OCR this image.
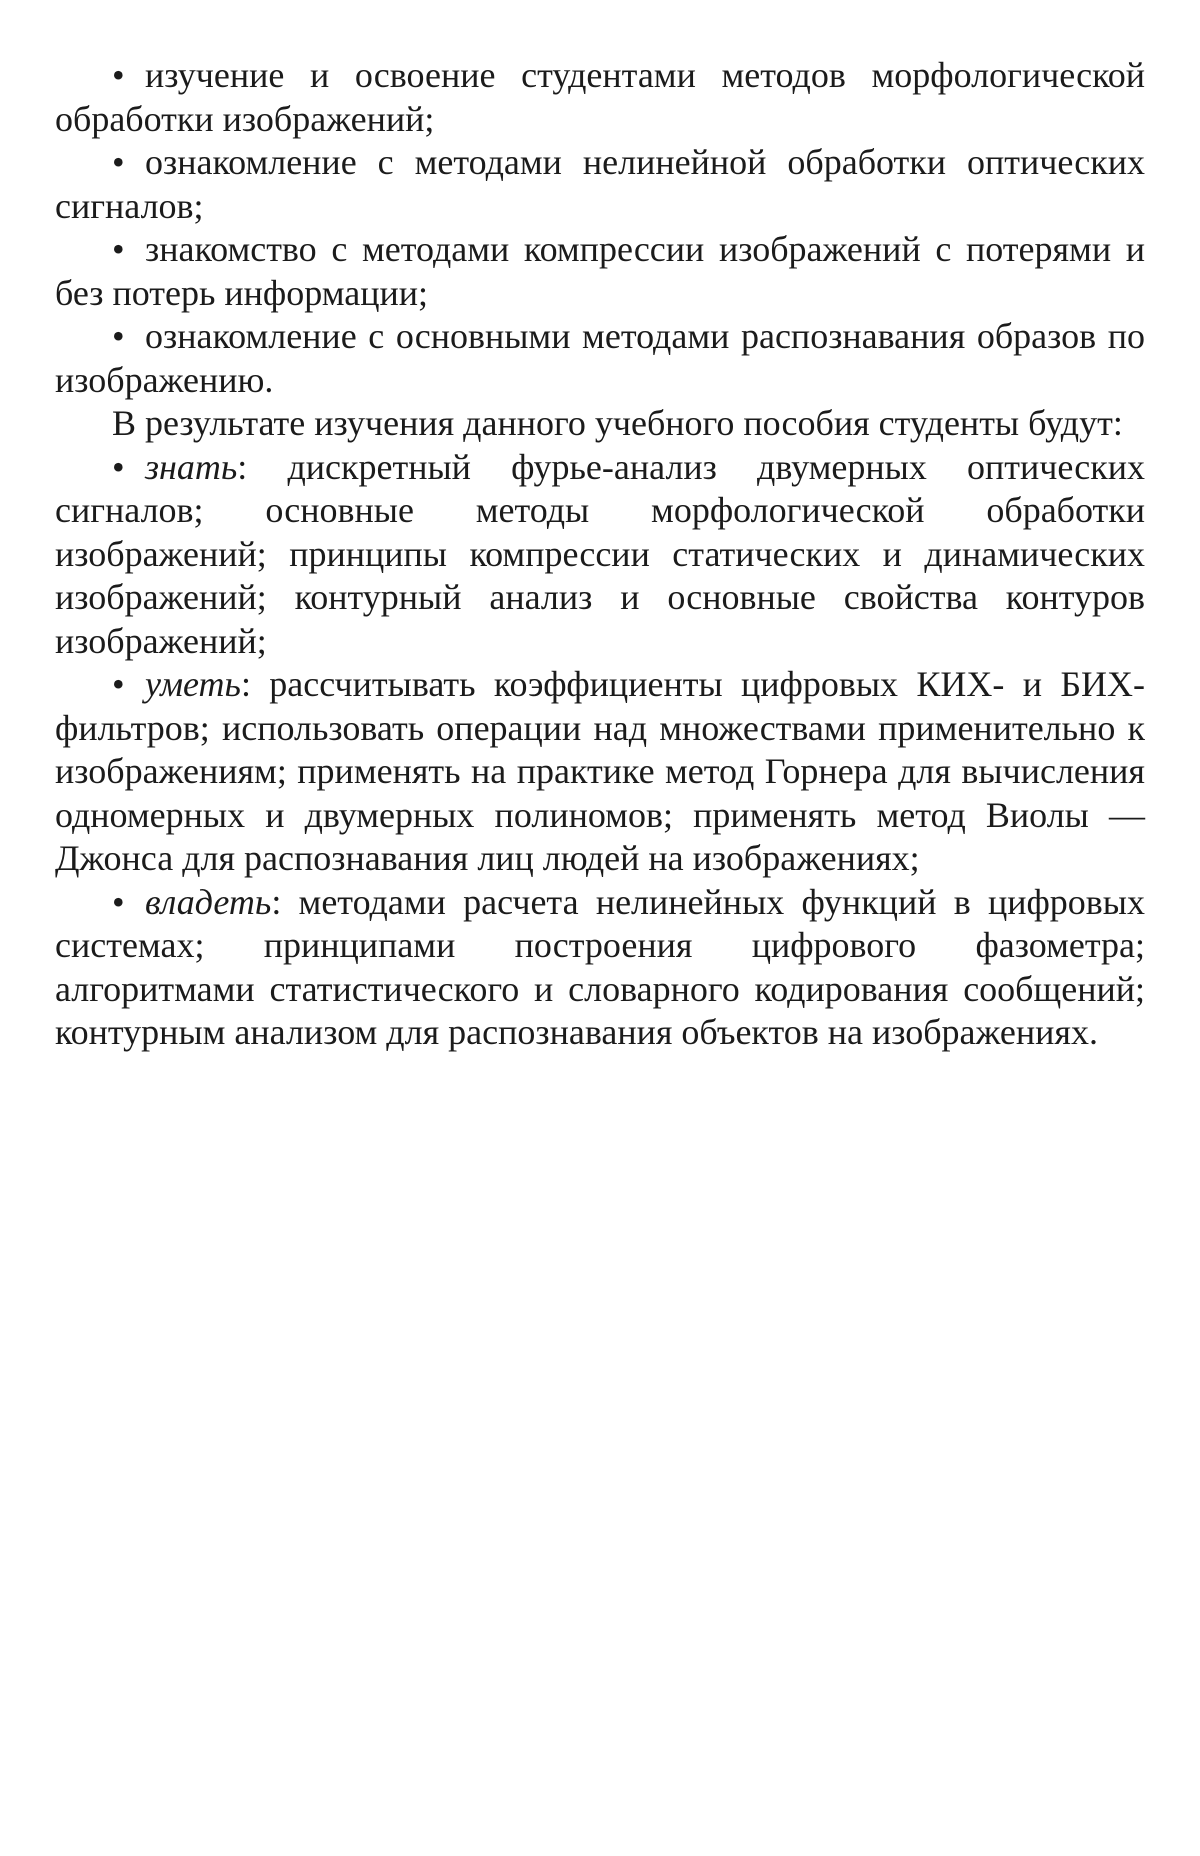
• изучение и освоение студентами методов морфологической обработки изображений;

• ознакомление с методами нелинейной обработки оптических сигналов;

• знакомство с методами компрессии изображений с потерями и без потерь информации;

• ознакомление с основными методами распознавания образов по изображению.

В результате изучения данного учебного пособия студенты будут:

• знать: дискретный фурье-анализ двумерных оптических сигналов; основные методы морфологической обработки изображений; принципы компрессии статических и динамических изображений; контурный анализ и основные свойства контуров изображений;

• уметь: рассчитывать коэффициенты цифровых КИХ- и БИХ-фильтров; использовать операции над множествами применительно к изображениям; применять на практике метод Горнера для вычисления одномерных и двумерных полиномов; применять метод Виолы — Джонса для распознавания лиц людей на изображениях;

• владеть: методами расчета нелинейных функций в цифровых системах; принципами построения цифрового фазометра; алгоритмами статистического и словарного кодирования сообщений; контурным анализом для распознавания объектов на изображениях.
